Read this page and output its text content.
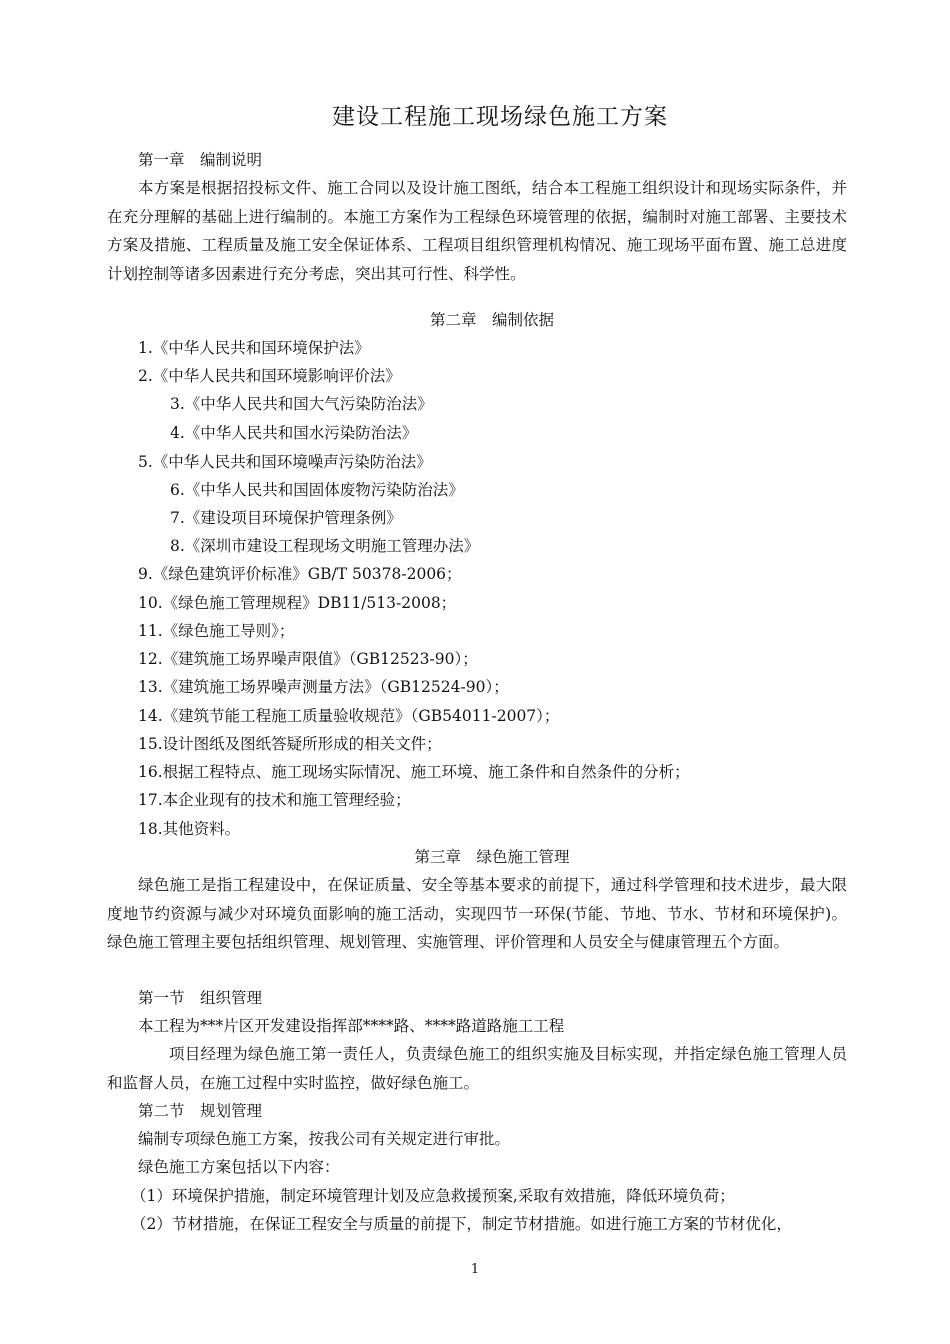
建设工程施工现场绿色施工方案
第一章　编制说明
本方案是根据招投标文件、施工合同以及设计施工图纸，结合本工程施工组织设计和现场实际条件，并在充分理解的基础上进行编制的。本施工方案作为工程绿色环境管理的依据，编制时对施工部署、主要技术方案及措施、工程质量及施工安全保证体系、工程项目组织管理机构情况、施工现场平面布置、施工总进度计划控制等诸多因素进行充分考虑，突出其可行性、科学性。
第二章　编制依据
1.《中华人民共和国环境保护法》
2.《中华人民共和国环境影响评价法》
3.《中华人民共和国大气污染防治法》
4.《中华人民共和国水污染防治法》
5.《中华人民共和国环境噪声污染防治法》
6.《中华人民共和国固体废物污染防治法》
7.《建设项目环境保护管理条例》
8.《深圳市建设工程现场文明施工管理办法》
9.《绿色建筑评价标准》GB/T 50378-2006；
10.《绿色施工管理规程》DB11/513-2008；
11.《绿色施工导则》；
12.《建筑施工场界噪声限值》（GB12523-90）；
13.《建筑施工场界噪声测量方法》（GB12524-90）；
14.《建筑节能工程施工质量验收规范》（GB54011-2007）；
15.设计图纸及图纸答疑所形成的相关文件；
16.根据工程特点、施工现场实际情况、施工环境、施工条件和自然条件的分析；
17.本企业现有的技术和施工管理经验；
18.其他资料。
第三章　绿色施工管理
绿色施工是指工程建设中，在保证质量、安全等基本要求的前提下，通过科学管理和技术进步，最大限度地节约资源与减少对环境负面影响的施工活动，实现四节一环保(节能、节地、节水、节材和环境保护)。绿色施工管理主要包括组织管理、规划管理、实施管理、评价管理和人员安全与健康管理五个方面。
第一节　组织管理
本工程为***片区开发建设指挥部****路、****路道路施工工程
项目经理为绿色施工第一责任人，负责绿色施工的组织实施及目标实现，并指定绿色施工管理人员和监督人员，在施工过程中实时监控，做好绿色施工。
第二节　规划管理
编制专项绿色施工方案，按我公司有关规定进行审批。
绿色施工方案包括以下内容：
（1）环境保护措施，制定环境管理计划及应急救援预案,采取有效措施，降低环境负荷；
（2）节材措施，在保证工程安全与质量的前提下，制定节材措施。如进行施工方案的节材优化，
1
